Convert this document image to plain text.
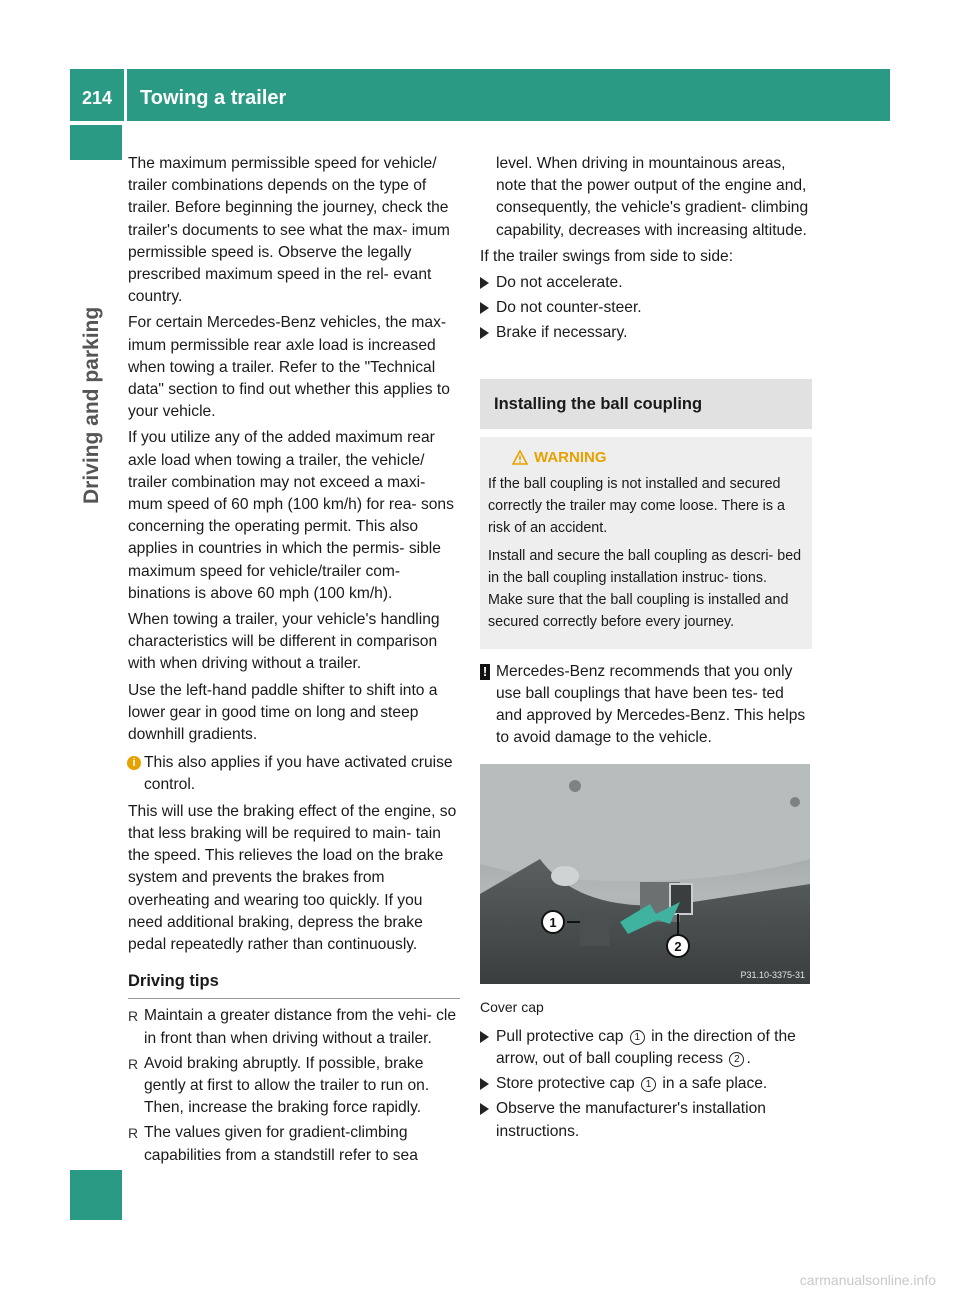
214	Towing a trailer
Driving and parking

The maximum permissible speed for vehicle/ trailer combinations depends on the type of trailer. Before beginning the journey, check the trailer's documents to see what the max- imum permissible speed is. Observe the legally prescribed maximum speed in the rel- evant country.

For certain Mercedes-Benz vehicles, the max- imum permissible rear axle load is increased when towing a trailer. Refer to the "Technical data" section to find out whether this applies to your vehicle.

If you utilize any of the added maximum rear axle load when towing a trailer, the vehicle/ trailer combination may not exceed a maxi- mum speed of 60 mph (100 km/h) for rea- sons concerning the operating permit. This also applies in countries in which the permis- sible maximum speed for vehicle/trailer com- binations is above 60 mph (100 km/h).

When towing a trailer, your vehicle's handling characteristics will be different in comparison with when driving without a trailer.

Use the left-hand paddle shifter to shift into a lower gear in good time on long and steep downhill gradients.

i This also applies if you have activated cruise control.

This will use the braking effect of the engine, so that less braking will be required to main- tain the speed. This relieves the load on the brake system and prevents the brakes from overheating and wearing too quickly. If you need additional braking, depress the brake pedal repeatedly rather than continuously.

Driving tips
R Maintain a greater distance from the vehi- cle in front than when driving without a trailer.
R Avoid braking abruptly. If possible, brake gently at first to allow the trailer to run on. Then, increase the braking force rapidly.
R The values given for gradient-climbing capabilities from a standstill refer to sea

level. When driving in mountainous areas, note that the power output of the engine and, consequently, the vehicle's gradient- climbing capability, decreases with increasing altitude.

If the trailer swings from side to side:

Do not accelerate.
Do not counter-steer.
Brake if necessary.
Installing the ball coupling
WARNING

If the ball coupling is not installed and secured correctly the trailer may come loose. There is a risk of an accident.

Install and secure the ball coupling as descri- bed in the ball coupling installation instruc- tions. Make sure that the ball coupling is installed and secured correctly before every journey.

! Mercedes-Benz recommends that you only use ball couplings that have been tes- ted and approved by Mercedes-Benz. This helps to avoid damage to the vehicle.
1
2
P31.10-3375-31
Cover cap
Pull protective cap 1 in the direction of the arrow, out of ball coupling recess 2 .
Store protective cap 1 in a safe place.
Observe the manufacturer's installation instructions.
carmanualsonline.info
